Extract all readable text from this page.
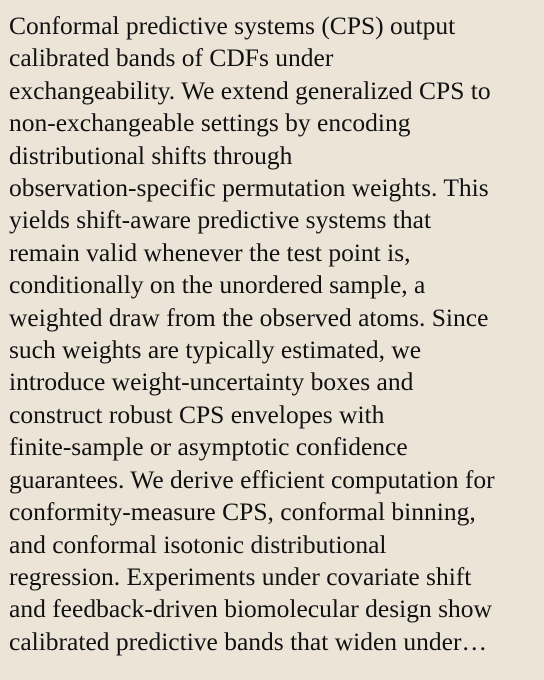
Conformal predictive systems (CPS) output
calibrated bands of CDFs under
exchangeability. We extend generalized CPS to
non-exchangeable settings by encoding
distributional shifts through
observation-specific permutation weights. This
yields shift-aware predictive systems that
remain valid whenever the test point is,
conditionally on the unordered sample, a
weighted draw from the observed atoms. Since
such weights are typically estimated, we
introduce weight-uncertainty boxes and
construct robust CPS envelopes with
finite-sample or asymptotic confidence
guarantees. We derive efficient computation for
conformity-measure CPS, conformal binning,
and conformal isotonic distributional
regression. Experiments under covariate shift
and feedback-driven biomolecular design show
calibrated predictive bands that widen under…
